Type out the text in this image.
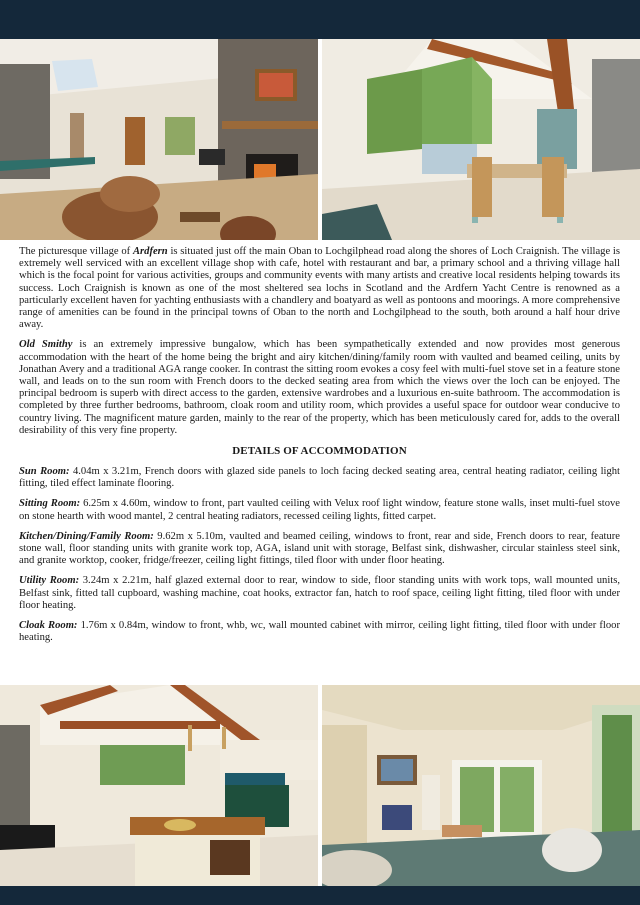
The picturesque village of Ardfern is situated just off the main Oban to Lochgilphead road along the shores of Loch Craignish. The village is extremely well serviced with an excellent village shop with cafe, hotel with restaurant and bar, a primary school and a thriving village hall which is the focal point for various activities, groups and community events with many artists and creative local residents helping towards its success. Loch Craignish is known as one of the most sheltered sea lochs in Scotland and the Ardfern Yacht Centre is renowned as a particularly excellent haven for yachting enthusiasts with a chandlery and boatyard as well as pontoons and moorings. A more comprehensive range of amenities can be found in the principal towns of Oban to the north and Lochgilphead to the south, both around a half hour drive away.

Old Smithy is an extremely impressive bungalow, which has been sympathetically extended and now provides most generous accommodation with the heart of the home being the bright and airy kitchen/dining/family room with vaulted and beamed ceiling, units by Jonathan Avery and a traditional AGA range cooker. In contrast the sitting room evokes a cosy feel with multi-fuel stove set in a feature stone wall, and leads on to the sun room with French doors to the decked seating area from which the views over the loch can be enjoyed. The principal bedroom is superb with direct access to the garden, extensive wardrobes and a luxurious en-suite bathroom. The accommodation is completed by three further bedrooms, bathroom, cloak room and utility room, which provides a useful space for outdoor wear conducive to country living. The magnificent mature garden, mainly to the rear of the property, which has been meticulously cared for, adds to the overall desirability of this very fine property.

DETAILS OF ACCOMMODATION

Sun Room: 4.04m x 3.21m, French doors with glazed side panels to loch facing decked seating area, central heating radiator, ceiling light fitting, tiled effect laminate flooring.

Sitting Room: 6.25m x 4.60m, window to front, part vaulted ceiling with Velux roof light window, feature stone walls, inset multi-fuel stove on stone hearth with wood mantel, 2 central heating radiators, recessed ceiling lights, fitted carpet.

Kitchen/Dining/Family Room: 9.62m x 5.10m, vaulted and beamed ceiling, windows to front, rear and side, French doors to rear, feature stone wall, floor standing units with granite work top, AGA, island unit with storage, Belfast sink, dishwasher, circular stainless steel sink, and granite worktop, cooker, fridge/freezer, ceiling light fittings, tiled floor with under floor heating.

Utility Room: 3.24m x 2.21m, half glazed external door to rear, window to side, floor standing units with work tops, wall mounted units, Belfast sink, fitted tall cupboard, washing machine, coat hooks, extractor fan, hatch to roof space, ceiling light fitting, tiled floor with under floor heating.

Cloak Room: 1.76m x 0.84m, window to front, whb, wc, wall mounted cabinet with mirror, ceiling light fitting, tiled floor with under floor heating.
